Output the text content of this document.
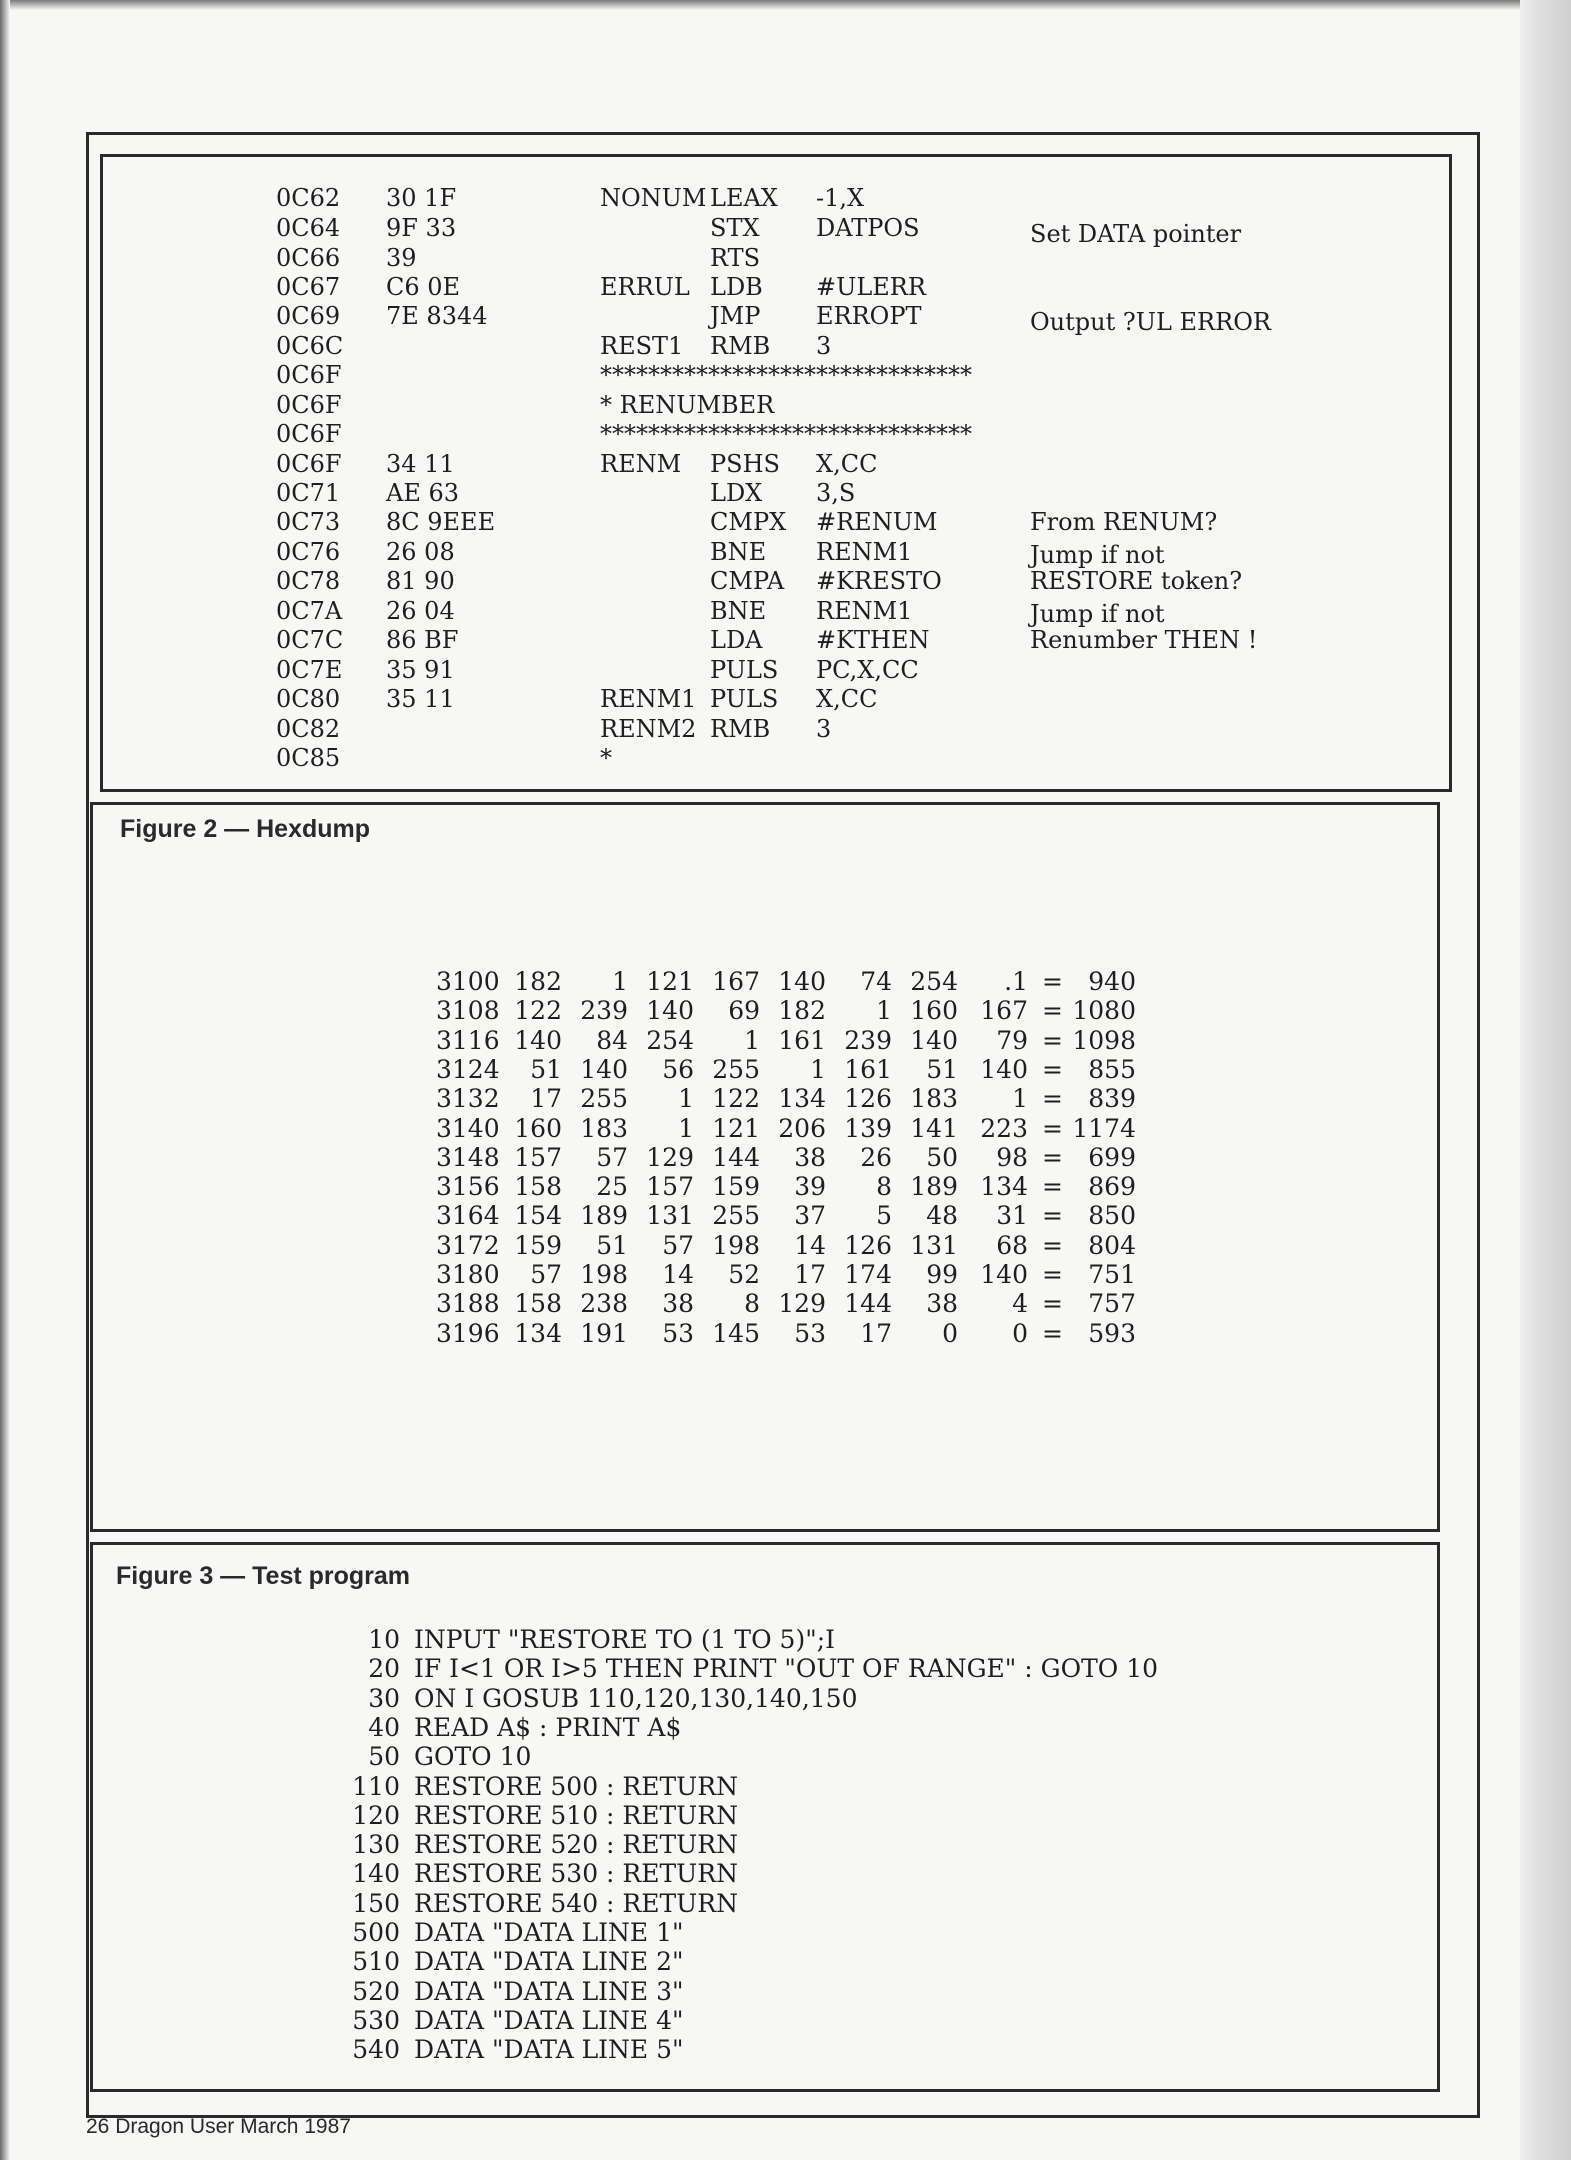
0C62 30 1F	NONUM LEAX -1,X

0C64 9F 33	STX DATPOS	Set DATA pointer

0C66 39	RTS

0C67 C6 0E	ERRUL LDB #ULERR

0C69 7E 8344	JMP ERROPT	Output ?UL ERROR

0C6C	REST1 RMB 3

0C6F	*******************************

0C6F	* RENUMBER

0C6F	*******************************

0C6F 34 11	RENM PSHS X,CC

0C71 AE 63	LDX 3,S

0C73 8C 9EEE	CMPX #RENUM	From RENUM?

0C76 26 08	BNE RENM1	Jump if not

0C78 81 90	CMPA #KRESTO	RESTORE token?

0C7A 26 04	BNE RENM1	Jump if not

0C7C 86 BF	LDA #KTHEN	Renumber THEN !

0C7E 35 91	PULS PC,X,CC

0C80 35 11	RENM1 PULS X,CC

0C82	RENM2 RMB 3

0C85	*

Figure 2 — Hexdump
3100 182	1 121 167 140	74 254	.1 =	940
3108 122 239 140	69 182	1 160 167 = 1080
3116 140	84 254	1 161 239 140	79 = 1098
3124	51 140	56 255	1 161	51 140 =	855
3132	17 255	1 122 134 126 183	1 =	839
3140 160 183	1 121 206 139 141 223 = 1174
3148 157	57 129 144	38	26	50	98 =	699
3156 158	25 157 159	39	8 189 134 =	869
3164 154 189 131 255	37	5	48	31 =	850
3172 159	51	57 198	14 126 131	68 =	804
3180	57 198	14	52	17 174	99 140 =	751
3188 158 238	38	8 129 144	38	4 =	757
3196 134 191	53 145	53	17	0	0 =	593
Figure 3 — Test program
10 INPUT "RESTORE TO (1 TO 5)";I
20 IF I<1 OR I>5 THEN PRINT "OUT OF RANGE" : GOTO 10
30 ON I GOSUB 110,120,130,140,150
40 READ A$ : PRINT A$
50 GOTO 10
110 RESTORE 500 : RETURN
120 RESTORE 510 : RETURN
130 RESTORE 520 : RETURN
140 RESTORE 530 : RETURN
150 RESTORE 540 : RETURN
500 DATA "DATA LINE 1"
510 DATA "DATA LINE 2"
520 DATA "DATA LINE 3"
530 DATA "DATA LINE 4"
540 DATA "DATA LINE 5"
26 Dragon User March 1987
